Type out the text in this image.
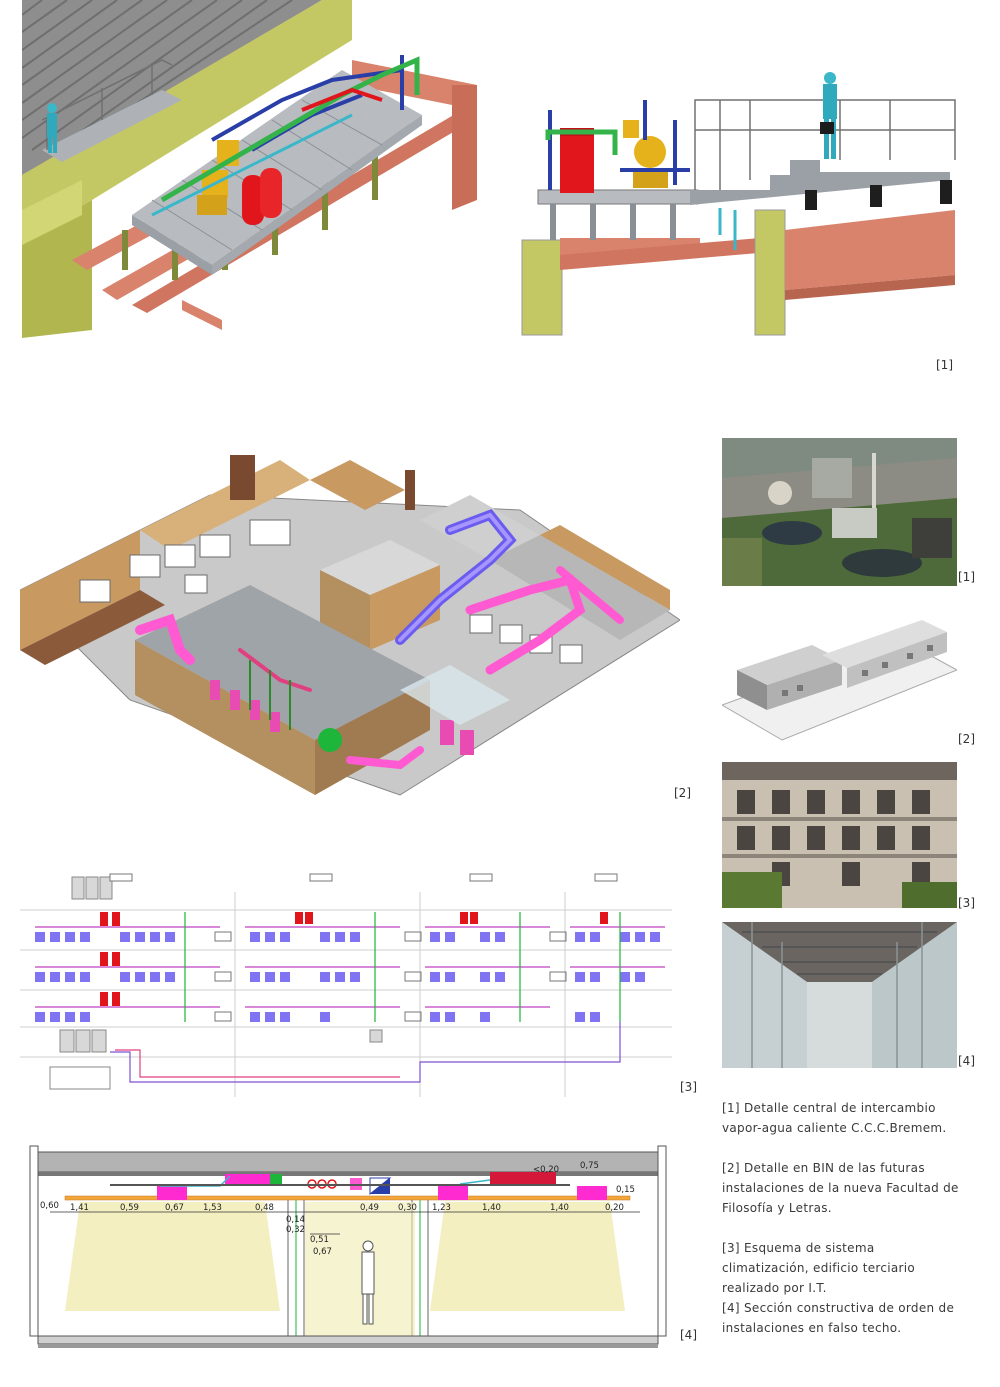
[1]
[2]
[1]
[2]
[3]
[4]
[3]
1,41	0,59	0,67 1,53	0,48	0,49 0,30 1,23	1,40	1,40	0,20
0,14
0,32
0,51
0,67
<0,20 0,75
0,15
0,60
[4]

[1] Detalle central de intercambio vapor-agua caliente C.C.C.Bremem.

[2] Detalle en BIN de las futuras instalaciones de la nueva Facultad de Filosofía y Letras.

[3] Esquema de sistema climatización, edificio terciario realizado por I.T.

[4] Sección constructiva de orden de instalaciones en falso techo.
